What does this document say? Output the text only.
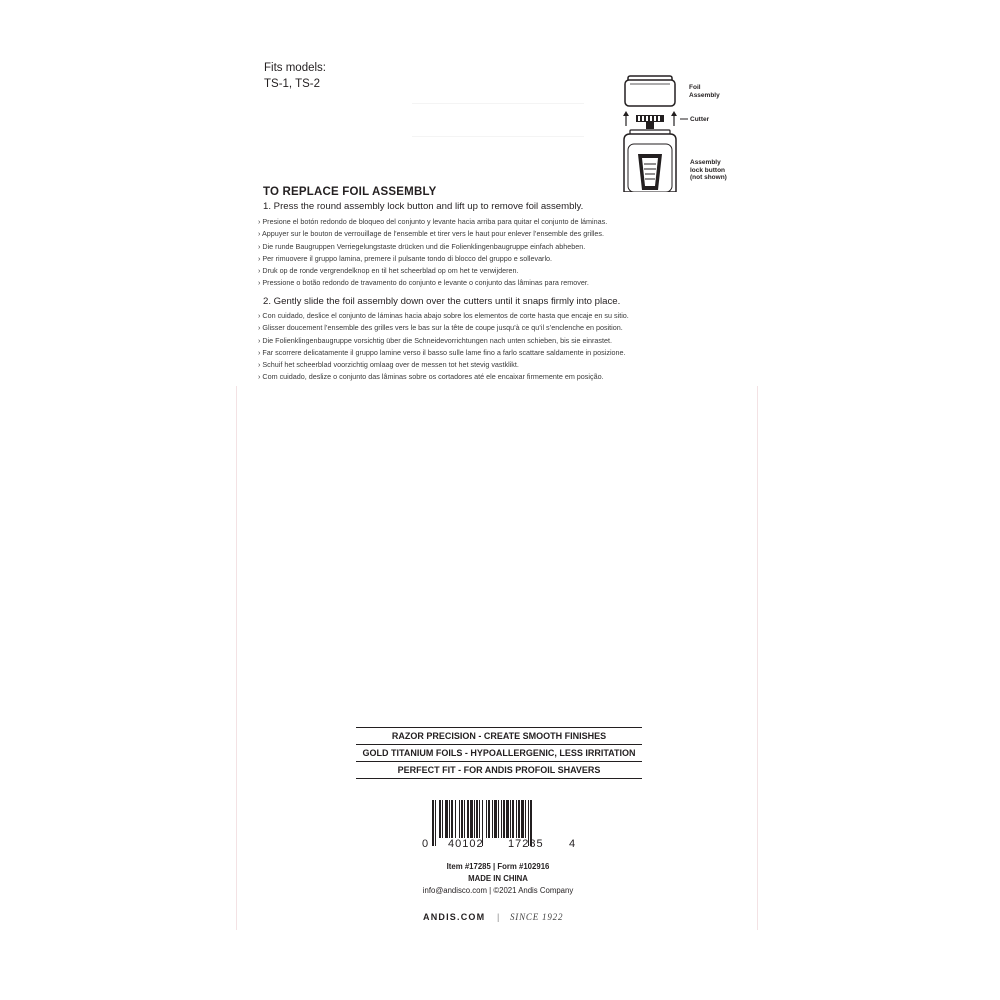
Fits models:
TS-1, TS-2	Foil
Assembly
Cutter
Assembly
lock button
(not shown)
TO REPLACE FOIL ASSEMBLY
1. Press the round assembly lock button and lift up to remove foil assembly.
› Presione el botón redondo de bloqueo del conjunto y levante hacia arriba para quitar el conjunto de láminas.
› Appuyer sur le bouton de verrouillage de l’ensemble et tirer vers le haut pour enlever l’ensemble des grilles.
› Die runde Baugruppen Verriegelungstaste drücken und die Folienklingenbaugruppe einfach abheben.
› Per rimuovere il gruppo lamina, premere il pulsante tondo di blocco del gruppo e sollevarlo.
› Druk op de ronde vergrendelknop en til het scheerblad op om het te verwijderen.
› Pressione o botão redondo de travamento do conjunto e levante o conjunto das lâminas para remover.
2. Gently slide the foil assembly down over the cutters until it snaps firmly into place.
› Con cuidado, deslice el conjunto de láminas hacia abajo sobre los elementos de corte hasta que encaje en su sitio.
› Glisser doucement l’ensemble des grilles vers le bas sur la tête de coupe jusqu’à ce qu’il s’enclenche en position.
› Die Folienklingenbaugruppe vorsichtig über die Schneidevorrichtungen nach unten schieben, bis sie einrastet.
› Far scorrere delicatamente il gruppo lamine verso il basso sulle lame fino a farlo scattare saldamente in posizione.
› Schuif het scheerblad voorzichtig omlaag over de messen tot het stevig vastklikt.
› Com cuidado, deslize o conjunto das lâminas sobre os cortadores até ele encaixar firmemente em posição.
RAZOR PRECISION - CREATE SMOOTH FINISHES
GOLD TITANIUM FOILS - HYPOALLERGENIC, LESS IRRITATION
PERFECT FIT - FOR ANDIS PROFOIL SHAVERS
0 40102 17285 4
Item #17285 | Form #102916
MADE IN CHINA
info@andisco.com | ©2021 Andis Company
ANDIS.COM | SINCE 1922
